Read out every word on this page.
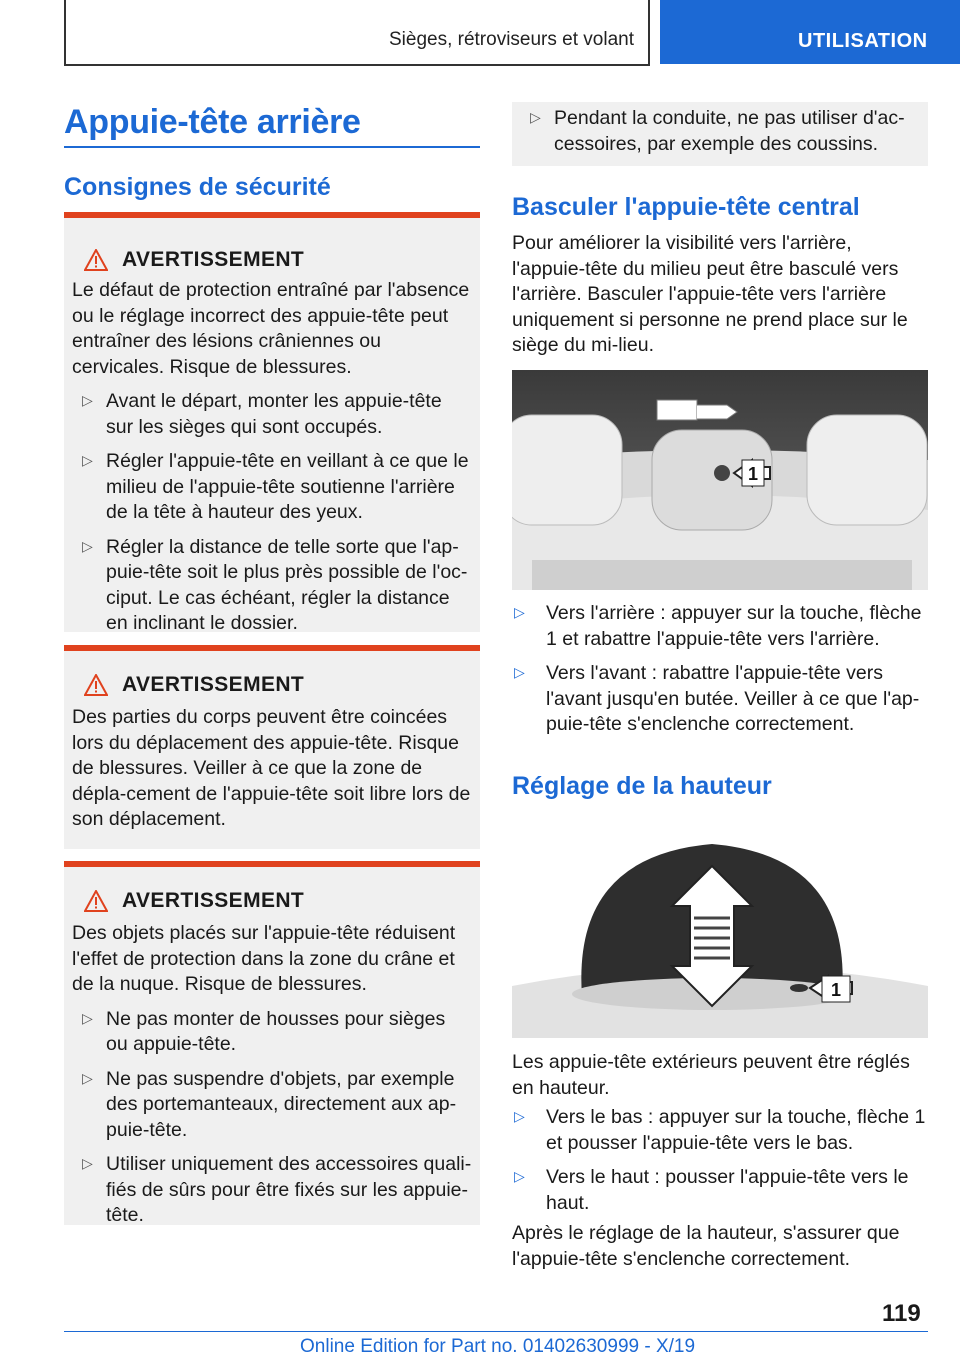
Sièges, rétroviseurs et volant	UTILISATION
Appuie-tête arrière
Consignes de sécurité
AVERTISSEMENT
Le défaut de protection entraîné par l'absence ou le réglage incorrect des appuie-tête peut entraîner des lésions crâniennes ou cervicales. Risque de blessures.
▷ Avant le départ, monter les appuie-tête sur les sièges qui sont occupés.
▷ Régler l'appuie-tête en veillant à ce que le milieu de l'appuie-tête soutienne l'arrière de la tête à hauteur des yeux.
▷ Régler la distance de telle sorte que l'ap-puie-tête soit le plus près possible de l'oc-ciput. Le cas échéant, régler la distance en inclinant le dossier.
AVERTISSEMENT
Des parties du corps peuvent être coincées lors du déplacement des appuie-tête. Risque de blessures. Veiller à ce que la zone de dépla-cement de l'appuie-tête soit libre lors de son déplacement.
AVERTISSEMENT
Des objets placés sur l'appuie-tête réduisent l'effet de protection dans la zone du crâne et de la nuque. Risque de blessures.
▷ Ne pas monter de housses pour sièges ou appuie-tête.
▷ Ne pas suspendre d'objets, par exemple des portemanteaux, directement aux ap-puie-tête.
▷ Utiliser uniquement des accessoires quali-fiés de sûrs pour être fixés sur les appuie-tête.
▷ Pendant la conduite, ne pas utiliser d'ac-cessoires, par exemple des coussins.
Basculer l'appuie-tête central
Pour améliorer la visibilité vers l'arrière, l'appuie-tête du milieu peut être basculé vers l'arrière. Basculer l'appuie-tête vers l'arrière uniquement si personne ne prend place sur le siège du mi-lieu.
1
▷	Vers l'arrière : appuyer sur la touche, flèche 1 et rabattre l'appuie-tête vers l'arrière.
▷	Vers l'avant : rabattre l'appuie-tête vers l'avant jusqu'en butée. Veiller à ce que l'ap-puie-tête s'enclenche correctement.
Réglage de la hauteur
1
Les appuie-tête extérieurs peuvent être réglés en hauteur.
▷	Vers le bas : appuyer sur la touche, flèche 1 et pousser l'appuie-tête vers le bas.
▷	Vers le haut : pousser l'appuie-tête vers le haut.
Après le réglage de la hauteur, s'assurer que l'appuie-tête s'enclenche correctement.
119
Online Edition for Part no. 01402630999 - X/19
